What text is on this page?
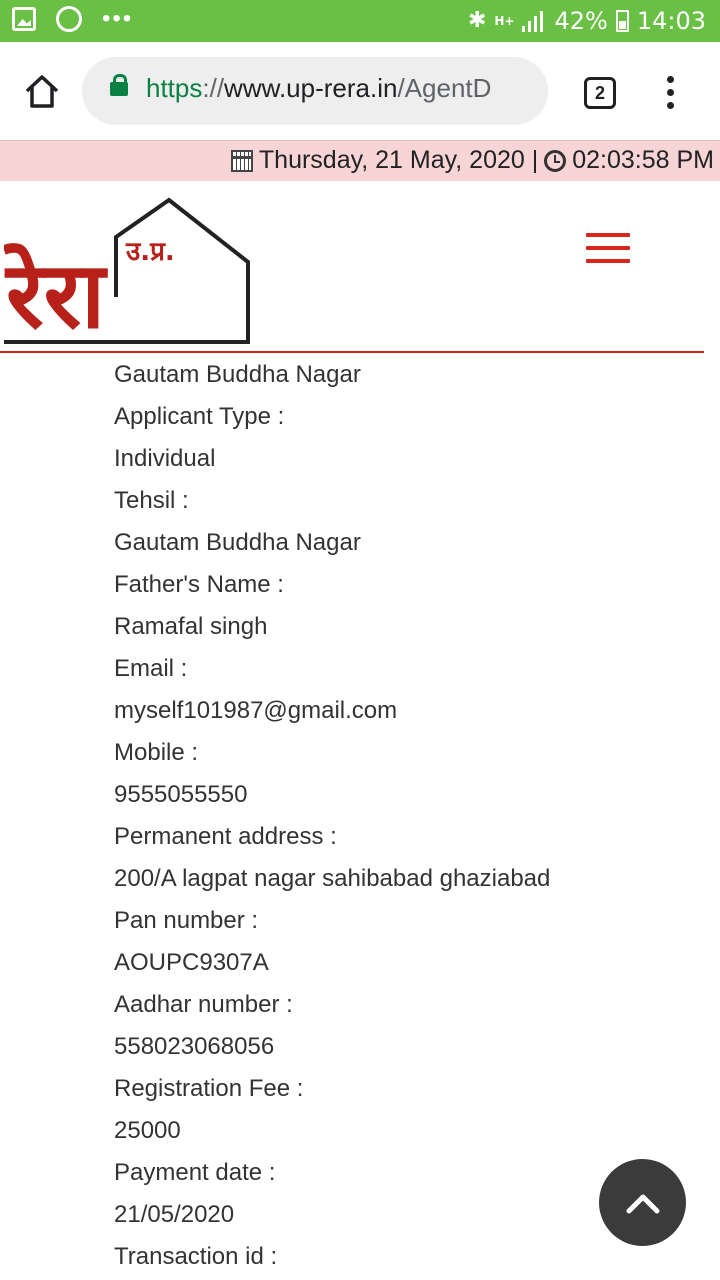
•••	✱ H+ 42% 14:03
https://www.up-rera.in/AgentD	2
Thursday, 21 May, 2020 | 02:03:58 PM
उ.प्र.
रेरा
Gautam Buddha Nagar
Applicant Type :
Individual
Tehsil :
Gautam Buddha Nagar
Father's Name :
Ramafal singh
Email :
myself101987@gmail.com
Mobile :
9555055550
Permanent address :
200/A lagpat nagar sahibabad ghaziabad
Pan number :
AOUPC9307A
Aadhar number :
558023068056
Registration Fee :
25000
Payment date :
21/05/2020
Transaction id :
